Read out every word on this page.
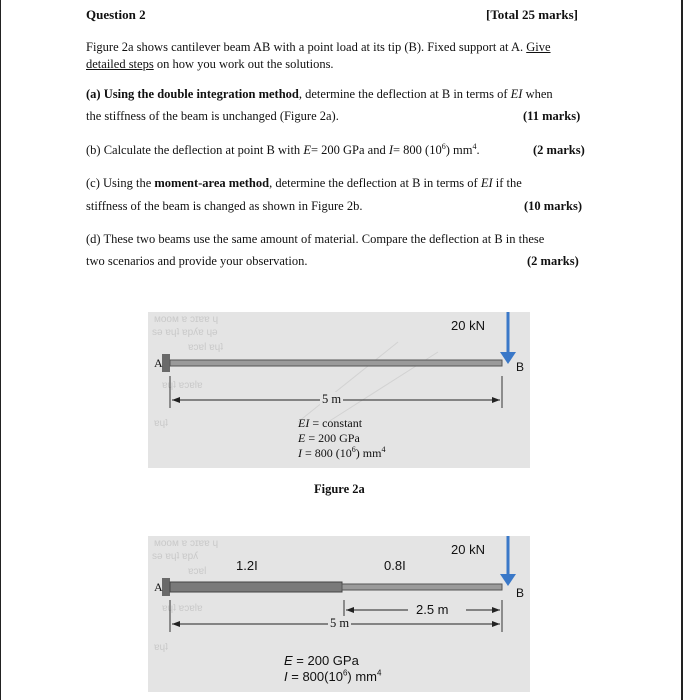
Question 2	[Total 25 marks]
Figure 2a shows cantilever beam AB with a point load at its tip (B). Fixed support at A. Give
detailed steps on how you work out the solutions.
(a) Using the double integration method, determine the deflection at B in terms of EI when
the stiffness of the beam is unchanged (Figure 2a).	(11 marks)
(b) Calculate the deflection at point B with E= 200 GPa and I= 800 $(10^6)$ $mm^4$.	(2 marks)
(c) Using the moment-area method, determine the deflection at B in terms of EI if the
stiffness of the beam is changed as shown in Figure 2b.	(10 marks)
(d) These two beams use the same amount of material. Compare the deflection at B in these
two scenarios and provide your observation.	(2 marks)
ᴍᴏᴏᴍ ɐ ɔɪɐɐ ɥ
sǝ ɐɥʇ ɐpʎɐ ɥǝ
ɐɔɐl ɐɥʇ
ɐɥʇ ɐɔɐlɐ
ɐɥʇ
20 kN
A	B
5 m
EI = constant
E = 200 GPa
I = 800 $(10^6)$ $mm^4$
Figure 2a
ᴍᴏᴏᴍ ɐ ɔɪɐɐ ɥ
sǝ ɐɥʇ ɐpʎ
ɐɔɐl
ɐɥʇ ɐɔɐlɐ
ɐɥʇ
1.2I	0.8I
20 kN
A	B
2.5 m
5 m
E = 200 GPa
$I = 800(10^6)$ $mm^4$
